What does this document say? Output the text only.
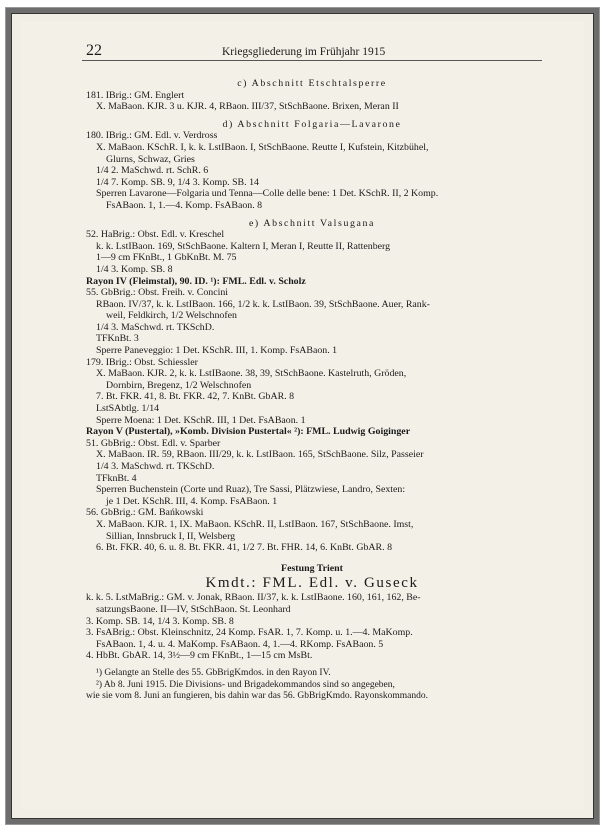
22	Kriegsgliederung im Frühjahr 1915
c) Abschnitt Etschtalsperre
181. IBrig.: GM. Englert
X. MaBaon. KJR. 3 u. KJR. 4, RBaon. III/37, StSchBaone. Brixen, Meran II
d) Abschnitt Folgaria—Lavarone
180. IBrig.: GM. Edl. v. Verdross
X. MaBaon. KSchR. I, k. k. LstIBaon. I, StSchBaone. Reutte I, Kufstein, Kitzbühel,
Glurns, Schwaz, Gries
1/4 2. MaSchwd. rt. SchR. 6
1/4 7. Komp. SB. 9, 1/4 3. Komp. SB. 14
Sperren Lavarone—Folgaria und Tenna—Colle delle bene: 1 Det. KSchR. II, 2 Komp.
FsABaon. 1, 1.—4. Komp. FsABaon. 8
e) Abschnitt Valsugana
52. HaBrig.: Obst. Edl. v. Kreschel
k. k. LstIBaon. 169, StSchBaone. Kaltern I, Meran I, Reutte II, Rattenberg
1—9 cm FKnBt., 1 GbKnBt. M. 75
1/4 3. Komp. SB. 8
Rayon IV (Fleimstal), 90. ID. ¹): FML. Edl. v. Scholz
55. GbBrig.: Obst. Freih. v. Concini
RBaon. IV/37, k. k. LstIBaon. 166, 1/2 k. k. LstIBaon. 39, StSchBaone. Auer, Rank-
weil, Feldkirch, 1/2 Welschnofen
1/4 3. MaSchwd. rt. TKSchD.
TFKnBt. 3
Sperre Paneveggio: 1 Det. KSchR. III, 1. Komp. FsABaon. 1
179. IBrig.: Obst. Schiessler
X. MaBaon. KJR. 2, k. k. LstIBaone. 38, 39, StSchBaone. Kastelruth, Gröden,
Dornbirn, Bregenz, 1/2 Welschnofen
7. Bt. FKR. 41, 8. Bt. FKR. 42, 7. KnBt. GbAR. 8
LstSAbtlg. 1/14
Sperre Moena: 1 Det. KSchR. III, 1 Det. FsABaon. 1
Rayon V (Pustertal), »Komb. Division Pustertal« ²): FML. Ludwig Goiginger
51. GbBrig.: Obst. Edl. v. Sparber
X. MaBaon. IR. 59, RBaon. III/29, k. k. LstIBaon. 165, StSchBaone. Silz, Passeier
1/4 3. MaSchwd. rt. TKSchD.
TFknBt. 4
Sperren Buchenstein (Corte und Ruaz), Tre Sassi, Plätzwiese, Landro, Sexten:
je 1 Det. KSchR. III, 4. Komp. FsABaon. 1
56. GbBrig.: GM. Bańkowski
X. MaBaon. KJR. 1, IX. MaBaon. KSchR. II, LstIBaon. 167, StSchBaone. Imst,
Sillian, Innsbruck I, II, Welsberg
6. Bt. FKR. 40, 6. u. 8. Bt. FKR. 41, 1/2 7. Bt. FHR. 14, 6. KnBt. GbAR. 8
Festung Trient
Kmdt.: FML. Edl. v. Guseck
k. k. 5. LstMaBrig.: GM. v. Jonak, RBaon. II/37, k. k. LstIBaone. 160, 161, 162, Be-
satzungsBaone. II—IV, StSchBaon. St. Leonhard
3. Komp. SB. 14, 1/4 3. Komp. SB. 8
3. FsABrig.: Obst. Kleinschnitz, 24 Komp. FsAR. 1, 7. Komp. u. 1.—4. MaKomp.
FsABaon. 1, 4. u. 4. MaKomp. FsABaon. 4, 1.—4. RKomp. FsABaon. 5
4. HbBt. GbAR. 14, 3½—9 cm FKnBt., 1—15 cm MsBt.
¹) Gelangte an Stelle des 55. GbBrigKmdos. in den Rayon IV.
²) Ab 8. Juni 1915. Die Divisions- und Brigadekommandos sind so angegeben,
wie sie vom 8. Juni an fungieren, bis dahin war das 56. GbBrigKmdo. Rayonskommando.
